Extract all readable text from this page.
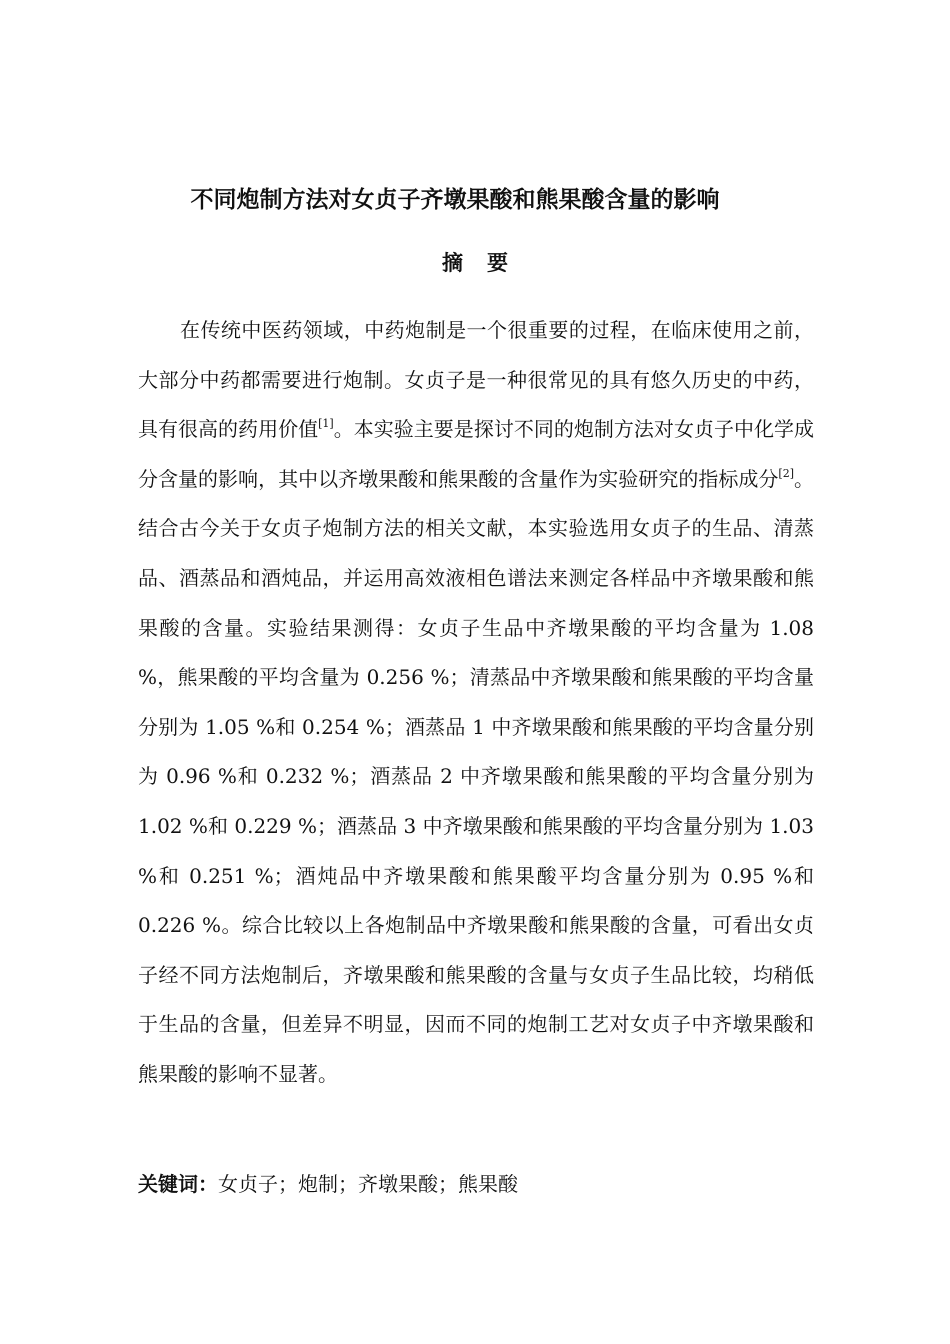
不同炮制方法对女贞子齐墩果酸和熊果酸含量的影响
摘要

在传统中医药领域，中药炮制是一个很重要的过程，在临床使用之前，大部分中药都需要进行炮制。女贞子是一种很常见的具有悠久历史的中药，具有很高的药用价值[1]。本实验主要是探讨不同的炮制方法对女贞子中化学成分含量的影响，其中以齐墩果酸和熊果酸的含量作为实验研究的指标成分[2]。结合古今关于女贞子炮制方法的相关文献，本实验选用女贞子的生品、清蒸品、酒蒸品和酒炖品，并运用高效液相色谱法来测定各样品中齐墩果酸和熊果酸的含量。实验结果测得：女贞子生品中齐墩果酸的平均含量为 1.08 %，熊果酸的平均含量为 0.256 %；清蒸品中齐墩果酸和熊果酸的平均含量分别为 1.05 %和 0.254 %；酒蒸品 1 中齐墩果酸和熊果酸的平均含量分别为 0.96 %和 0.232 %；酒蒸品 2 中齐墩果酸和熊果酸的平均含量分别为 1.02 %和 0.229 %；酒蒸品 3 中齐墩果酸和熊果酸的平均含量分别为 1.03 %和 0.251 %；酒炖品中齐墩果酸和熊果酸平均含量分别为 0.95 %和 0.226 %。综合比较以上各炮制品中齐墩果酸和熊果酸的含量，可看出女贞子经不同方法炮制后，齐墩果酸和熊果酸的含量与女贞子生品比较，均稍低于生品的含量，但差异不明显，因而不同的炮制工艺对女贞子中齐墩果酸和熊果酸的影响不显著。

关键词：女贞子；炮制；齐墩果酸；熊果酸
